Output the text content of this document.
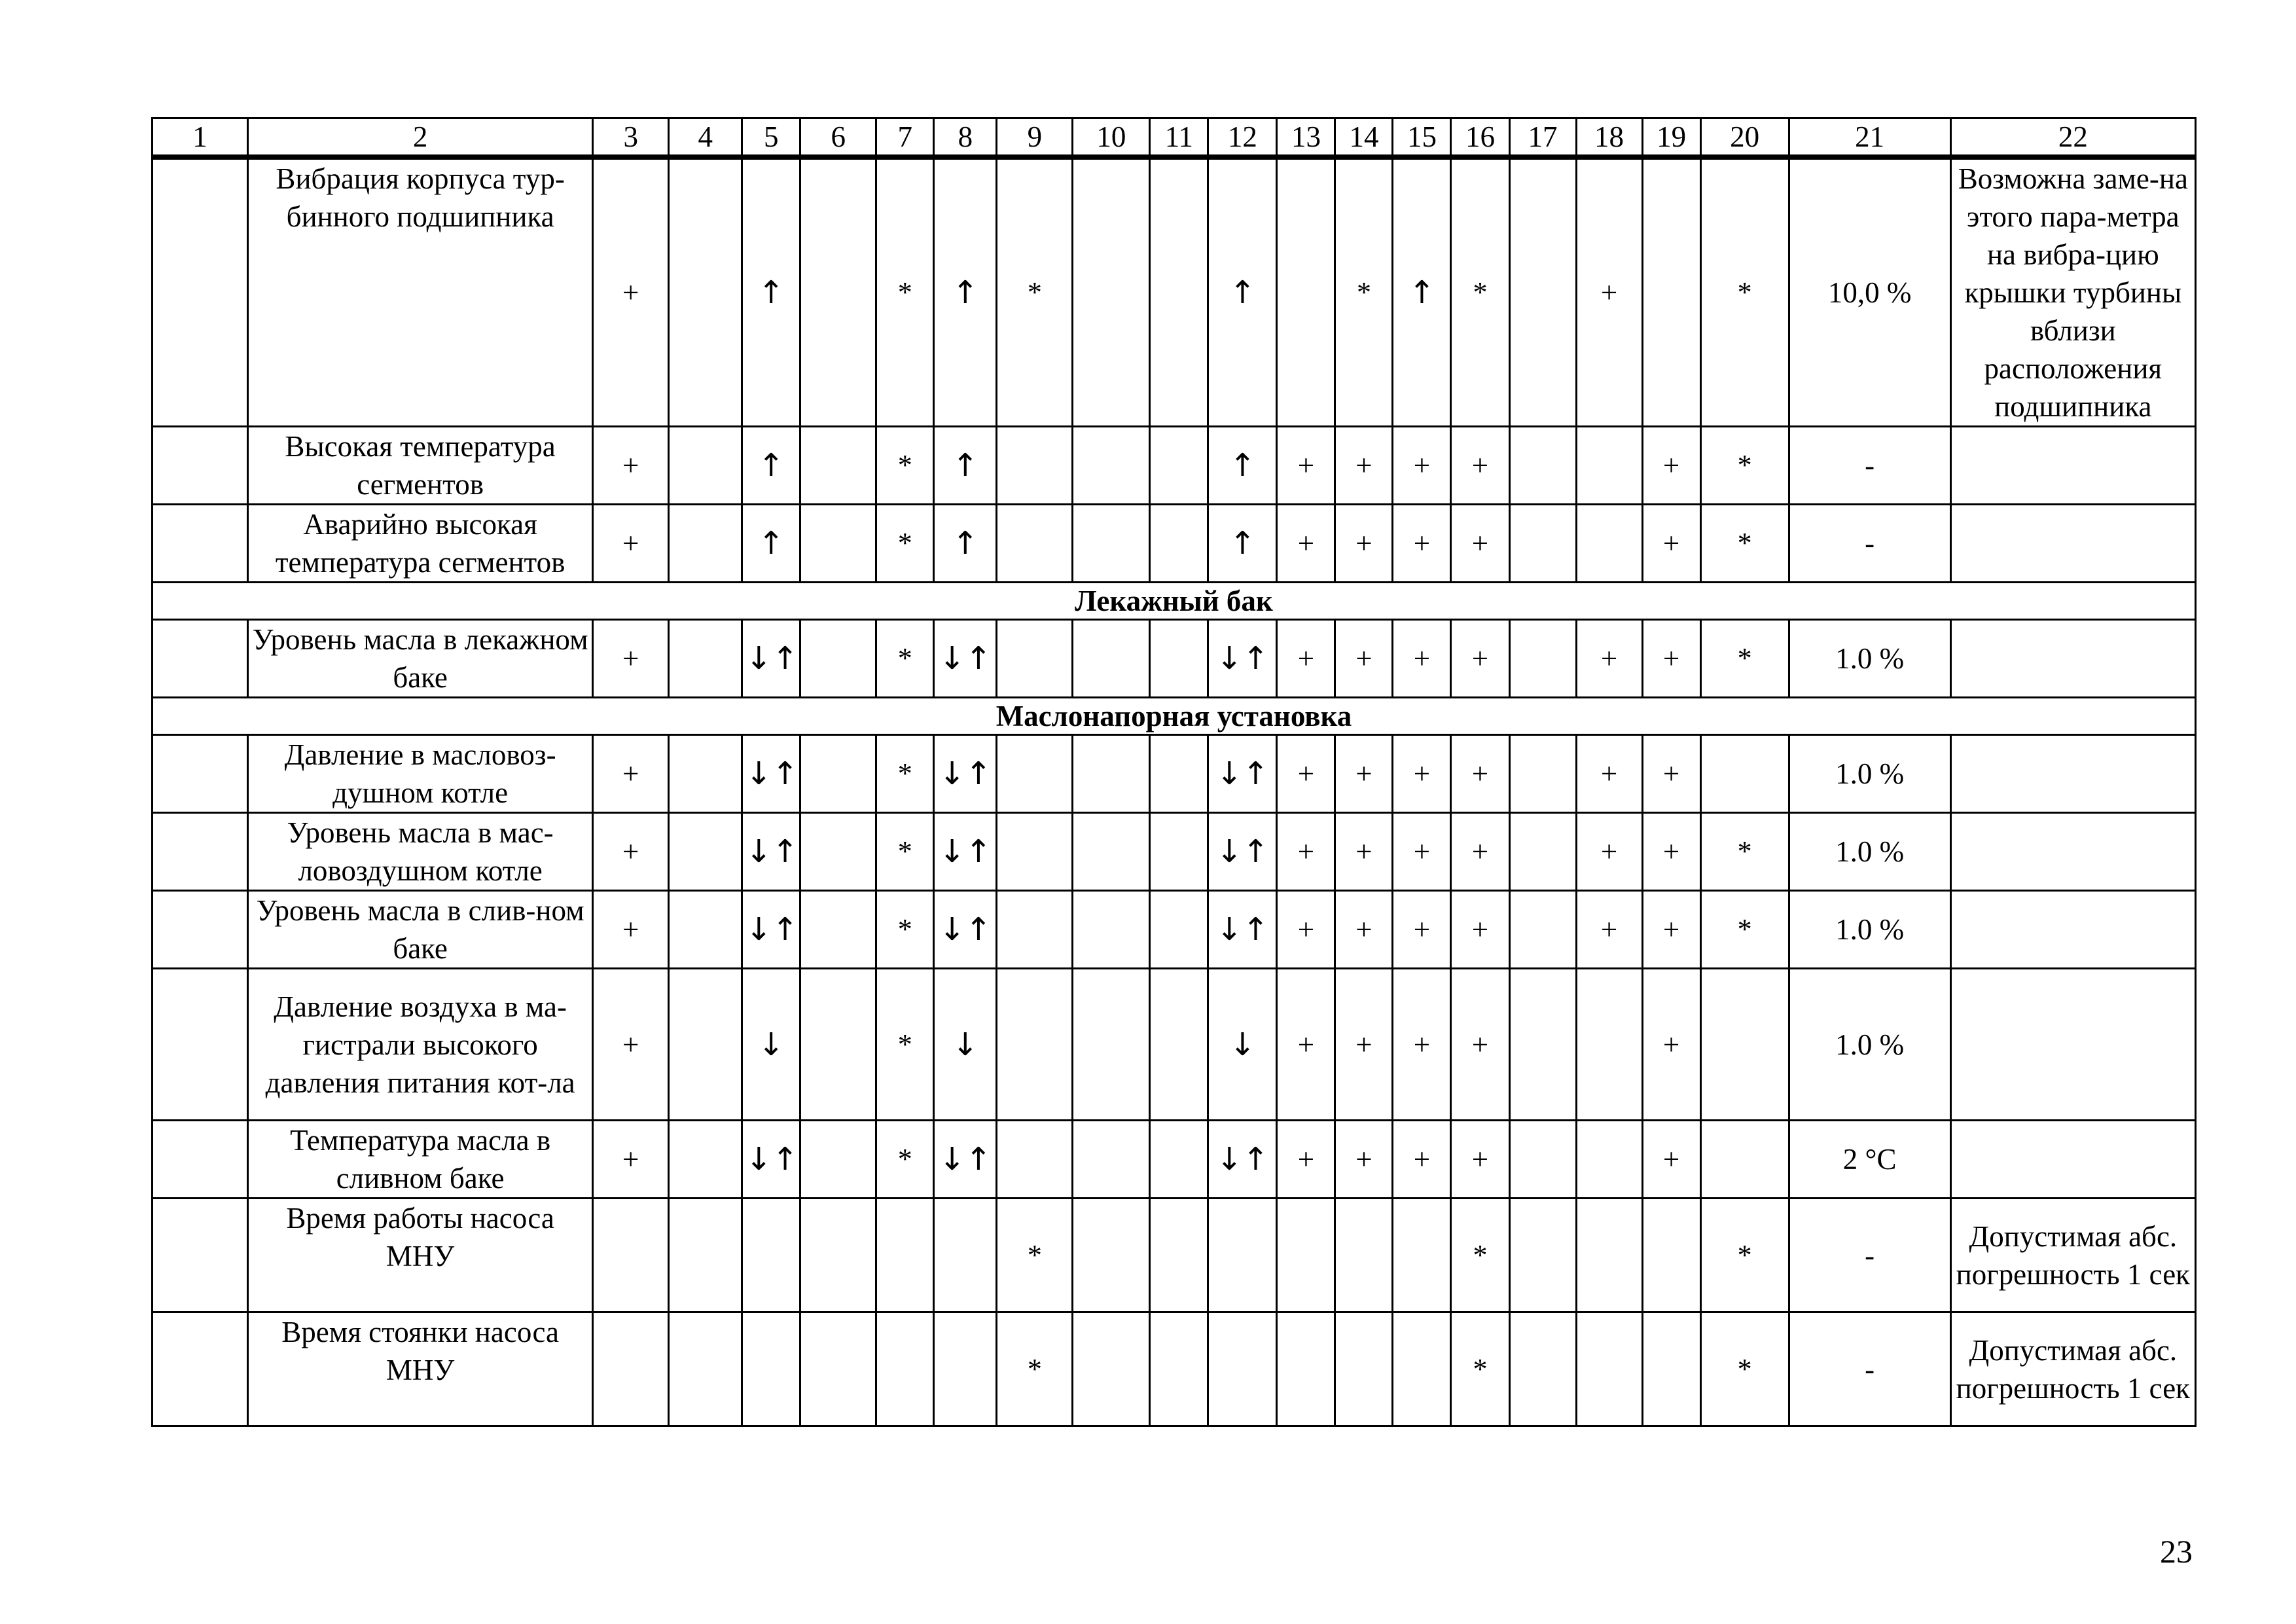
1	2	3	4	5	6	7	8	9	10	11	12	13	14	15	16	17	18	19	20	21	22
	Вибрация корпуса тур-бинного подшипника	+		↑		*	↑	*			↑		*	↑	*		+		*	10,0 %	Возможна заме-на этого пара-метра на вибра-цию крышки турбины вблизи расположения подшипника
	Высокая температура сегментов	+		↑		*	↑				↑	+	+	+	+			+	*	-	
	Аварийно высокая температура сегментов	+		↑		*	↑				↑	+	+	+	+			+	*	-	
Лекажный бак																					
	Уровень масла в лекажном баке	+		↓↑		*	↓↑				↓↑	+	+	+	+		+	+	*	1.0 %	
Маслонапорная установка																					
	Давление в масловоз-душном котле	+		↓↑		*	↓↑				↓↑	+	+	+	+		+	+		1.0 %	
	Уровень масла в мас-ловоздушном котле	+		↓↑		*	↓↑				↓↑	+	+	+	+		+	+	*	1.0 %	
	Уровень масла в слив-ном баке	+		↓↑		*	↓↑				↓↑	+	+	+	+		+	+	*	1.0 %	
	Давление воздуха в ма-гистрали высокого давления питания кот-ла	+		↓		*	↓				↓	+	+	+	+			+		1.0 %	
	Температура масла в сливном баке	+		↓↑		*	↓↑				↓↑	+	+	+	+			+		2 °C	
	Время работы насоса МНУ							*							*				*	-	Допустимая абс. погрешность 1 сек
	Время стоянки насоса МНУ							*							*				*	-	Допустимая абс. погрешность 1 сек
23
